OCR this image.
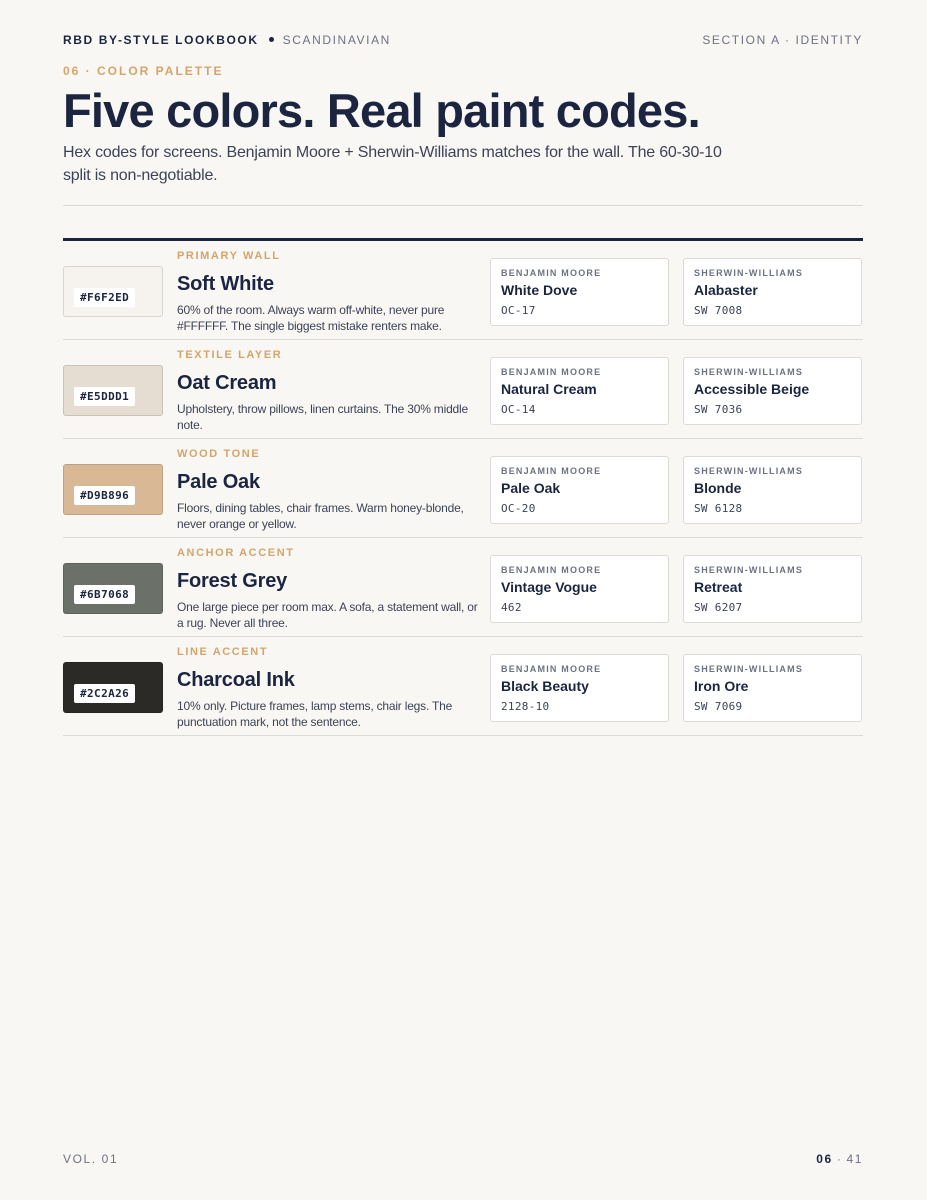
RBD BY-STYLE LOOKBOOK SCANDINAVIAN	SECTION A · IDENTITY
06 · COLOR PALETTE
Five colors. Real paint codes.

Hex codes for screens. Benjamin Moore + Sherwin-Williams matches for the wall. The 60-30-10 split is non-negotiable.

#F6F2ED
PRIMARY WALL
Soft White
60% of the room. Always warm off-white, never pure #FFFFFF. The single biggest mistake renters make.
BENJAMIN MOORE
White Dove
OC-17
SHERWIN-WILLIAMS
Alabaster
SW 7008
#E5DDD1
TEXTILE LAYER
Oat Cream
Upholstery, throw pillows, linen curtains. The 30% middle note.
BENJAMIN MOORE
Natural Cream
OC-14
SHERWIN-WILLIAMS
Accessible Beige
SW 7036
#D9B896
WOOD TONE
Pale Oak
Floors, dining tables, chair frames. Warm honey-blonde, never orange or yellow.
BENJAMIN MOORE
Pale Oak
OC-20
SHERWIN-WILLIAMS
Blonde
SW 6128
#6B7068
ANCHOR ACCENT
Forest Grey
One large piece per room max. A sofa, a statement wall, or a rug. Never all three.
BENJAMIN MOORE
Vintage Vogue
462
SHERWIN-WILLIAMS
Retreat
SW 6207
#2C2A26
LINE ACCENT
Charcoal Ink
10% only. Picture frames, lamp stems, chair legs. The punctuation mark, not the sentence.
BENJAMIN MOORE
Black Beauty
2128-10
SHERWIN-WILLIAMS
Iron Ore
SW 7069
VOL. 01	06 · 41
